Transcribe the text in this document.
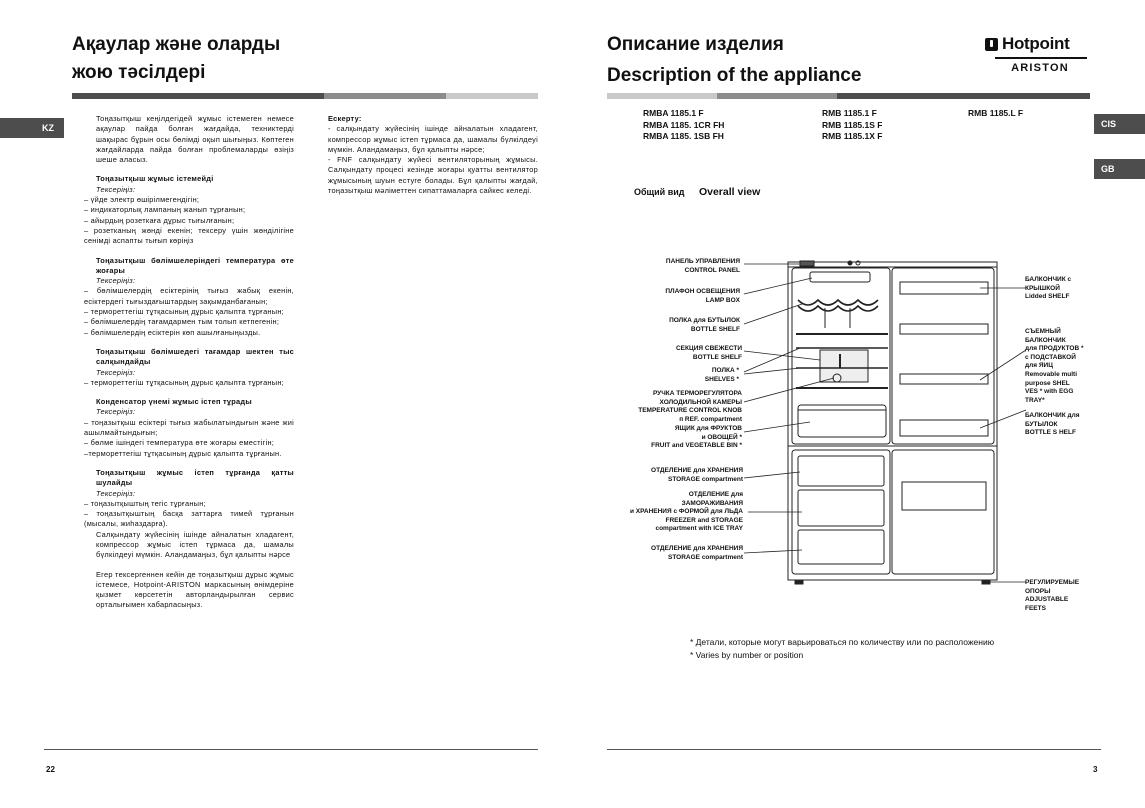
Ақаулар және оларды
жою тәсілдері
KZ

Тоңазытқыш кеңілдегідей жұмыс істемеген немесе ақаулар пайда болған жағдайда, техниктерді шақырас бұрын осы бөлімді оқып шығыңыз. Көптеген жағдайларда пайда болған проблемаларды өзіңіз шеше аласыз.

Тоңазытқыш жұмыс істемейді

Тексеріңіз:

– үйде электр өшірілмегендігін;

– индикаторлық лампаның жанып тұрғанын;

– айырдың розеткаға дұрыс тығылғанын;

– розетканың жөнді екенін; тексеру үшін жөнділігіне сенімді аспапты тығып көріңіз

Тоңазытқыш бөлімшелеріндегі температура өте жоғары

Тексеріңіз:

– бөлімшелердің есіктерінің тығыз жабық екенін, есіктердегі тығыздағыштардың зақымданбағанын;

– термореттегіш тұтқасының дұрыс қалыпта тұрғанын;

– бөлімшелердің тағамдармен тым толып кетпегенін;

– бөлімшелердің есіктерін көп ашылғаныңызды.

Тоңазытқыш бөлімшедегі тағамдар шектен тыс салқындайды

Тексеріңіз:

– термореттегіш тұтқасының дұрыс қалыпта тұрғанын;

Конденсатор үнемі жұмыс істеп тұрады

Тексеріңіз:

– тоңазытқыш есіктері тығыз жабылатындығын және жиі ашылмайтындығын;

– бөлме ішіндегі температура өте жоғары еместігін;

–термореттегіш тұтқасының дұрыс қалыпта тұрғанын.

Тоңазытқыш жұмыс істеп тұрғанда қатты шулайды

Тексеріңіз:

– тоңазытқыштың тегіс тұрғанын;

– тоңазытқыштың басқа заттарға тимей тұрғанын (мысалы, жиһаздарға).

Салқындату жүйесінің ішінде айналатын хладагент, компрессор жұмыс істеп тұрмаса да, шамалы бүлкілдеуі мүмкін. Аландамаңыз, бұл қалыпты нәрсе

Егер тексергеннен кейін де тоңазытқыш дұрыс жұмыс істемесе, Hotpoint-ARISTON маркасының өнімдеріне қызмет көрсететін авторландырылған сервис орталығымен хабарласыңыз.

Ескерту:

- салқындату жүйесінің ішінде айналатын хладагент, компрессор жұмыс істеп тұрмаса да, шамалы бүлкілдеуі мүмкін. Аландамаңыз, бұл қалыпты нәрсе;

- FNF салқындату жүйесі вентиляторының жұмысы. Салқындату процесі кезінде жоғары қуатты вентилятор жұмысының шуын естуге болады. Бұл қалыпты жағдай, тоңазытқыш мәліметтен сипаттамаларға сайкес келеді.

22
Описание изделия
Description of the appliance
Hotpoint
ARISTON
CIS
GB
RMBA 1185.1 F
RMBA 1185. 1CR FH
RMBA 1185. 1SB FH
RMB 1185.1 F
RMB 1185.1S F
RMB 1185.1X F
RMB 1185.L F
Общий вид Overall view
ПАНЕЛЬ УПРАВЛЕНИЯ
CONTROL PANEL
ПЛАФОН ОСВЕЩЕНИЯ
LAMP BOX
ПОЛКА для БУТЫЛОК
BOTTLE SHELF
СЕКЦИЯ СВЕЖЕСТИ
BOTTLE SHELF
ПОЛКА *
SHELVES *
РУЧКА ТЕРМОРЕГУЛЯТОРА
ХОЛОДИЛЬНОЙ КАМЕРЫ
TEMPERATURE CONTROL KNOB
п REF. compartment
ЯЩИК для ФРУКТОВ
и ОВОЩЕЙ *
FRUIT and VEGETABLE BIN *
ОТДЕЛЕНИЕ для ХРАНЕНИЯ
STORAGE compartment
ОТДЕЛЕНИЕ для
ЗАМОРАЖИВАНИЯ
и ХРАНЕНИЯ с ФОРМОЙ для ЛЬДА
FREEZER and STORAGE
compartment with ICE TRAY
ОТДЕЛЕНИЕ для ХРАНЕНИЯ
STORAGE compartment
БАЛКОНЧИК с
КРЫШКОЙ
Lidded SHELF
СЪЕМНЫЙ
БАЛКОНЧИК
для ПРОДУКТОВ *
с ПОДСТАВКОЙ
для ЯИЦ
Removable multi
purpose SHEL
VES * with EGG
TRAY*
БАЛКОНЧИК для
БУТЫЛОК
BOTTLE S HELF
РЕГУЛИРУЕМЫЕ
ОПОРЫ
ADJUSTABLE
FEETS
* Детали, которые могут варьироваться по количеству или по расположению
* Varies by number or position
3
